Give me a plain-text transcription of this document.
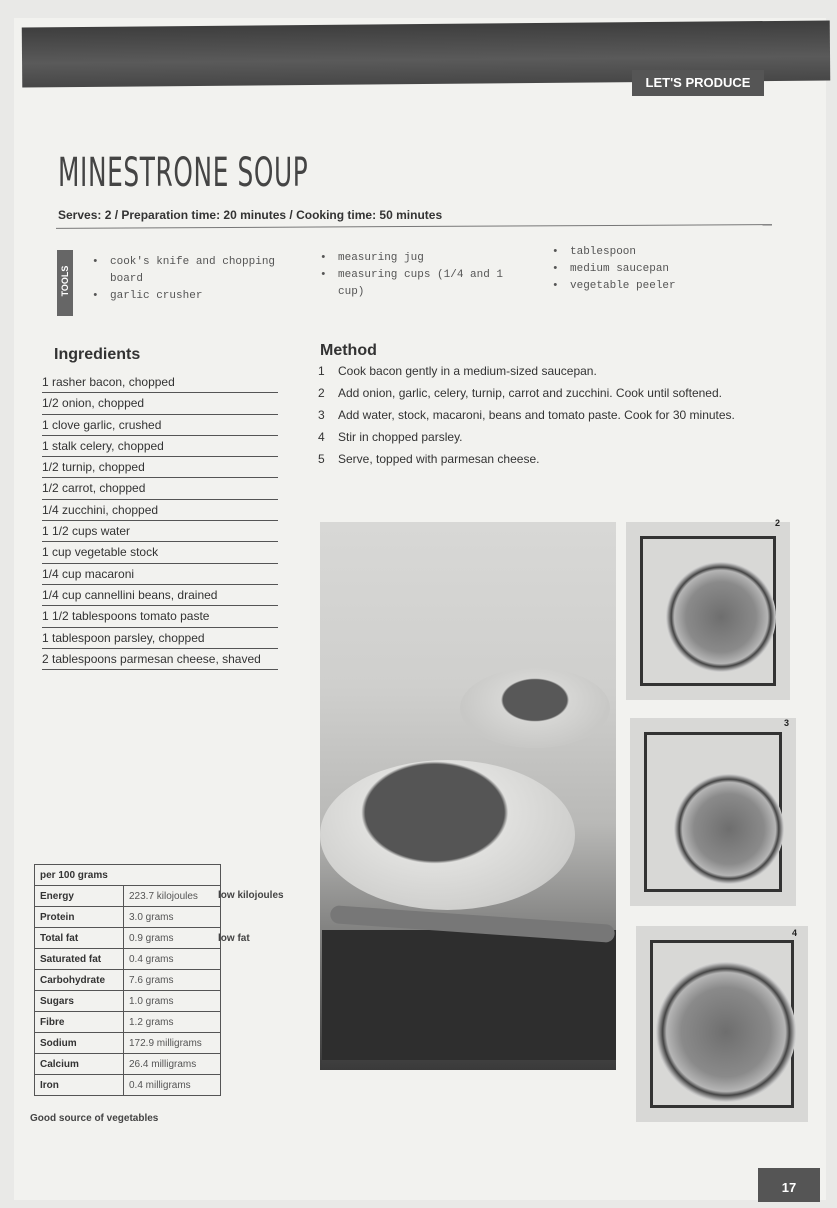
LET'S PRODUCE
MINESTRONE SOUP
Serves: 2 / Preparation time: 20 minutes / Cooking time: 50 minutes
TOOLS
• cook's knife and chopping board
• garlic crusher
• measuring jug
• measuring cups (1/4 and 1 cup)
• tablespoon
• medium saucepan
• vegetable peeler
Ingredients
1 rasher bacon, chopped
1/2 onion, chopped
1 clove garlic, crushed
1 stalk celery, chopped
1/2 turnip, chopped
1/2 carrot, chopped
1/4 zucchini, chopped
1 1/2 cups water
1 cup vegetable stock
1/4 cup macaroni
1/4 cup cannellini beans, drained
1 1/2 tablespoons tomato paste
1 tablespoon parsley, chopped
2 tablespoons parmesan cheese, shaved
Method
1	Cook bacon gently in a medium-sized saucepan.
2	Add onion, garlic, celery, turnip, carrot and zucchini. Cook until softened.
3	Add water, stock, macaroni, beans and tomato paste. Cook for 30 minutes.
4	Stir in chopped parsley.
5	Serve, topped with parmesan cheese.
2
3
4
per 100 grams	
Energy	223.7 kilojoules
Protein	3.0 grams
Total fat	0.9 grams
Saturated fat	0.4 grams
Carbohydrate	7.6 grams
Sugars	1.0 grams
Fibre	1.2 grams
Sodium	172.9 milligrams
Calcium	26.4 milligrams
Iron	0.4 milligrams
low kilojoules
low fat
Good source of vegetables
17
